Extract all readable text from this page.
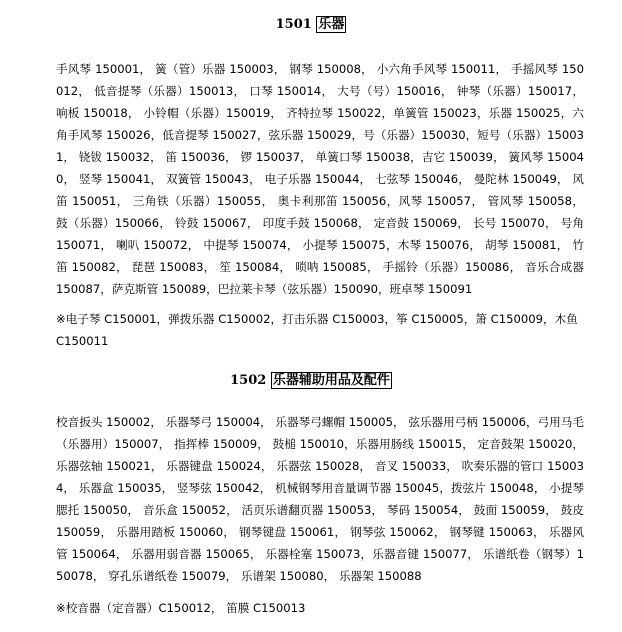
1501 乐器
手风琴 150001， 簧（管）乐器 150003， 钢琴 150008， 小六角手风琴 150011， 手摇风琴 150012， 低音提琴（乐器）150013， 口琴 150014， 大号（号）150016， 钟琴（乐器）150017， 响板 150018， 小铃帽（乐器）150019， 齐特拉琴 150022，单簧管 150023，乐器 150025，六角手风琴 150026，低音提琴 150027，弦乐器 150029，号（乐器）150030，短号（乐器）150031， 铙钹 150032， 笛 150036， 锣 150037， 单簧口琴 150038，吉它 150039， 簧风琴 150040， 竖琴 150041， 双簧管 150043， 电子乐器 150044， 七弦琴 150046， 曼陀林 150049， 风笛 150051， 三角铁（乐器）150055， 奥卡利那笛 150056，风琴 150057， 管风琴 150058， 鼓（乐器）150066， 铃鼓 150067， 印度手鼓 150068， 定音鼓 150069， 长号 150070， 号角 150071， 喇叭 150072， 中提琴 150074， 小提琴 150075，木琴 150076， 胡琴 150081， 竹笛 150082， 琵琶 150083， 笙 150084， 唢呐 150085， 手摇铃（乐器）150086， 音乐合成器 150087，萨克斯管 150089，巴拉莱卡琴（弦乐器）150090，班卓琴 150091
※电子琴 C150001，弹拨乐器 C150002，打击乐器 C150003，筝 C150005，箫 C150009，木鱼 C150011
1502 乐器辅助用品及配件
校音扳头 150002， 乐器琴弓 150004， 乐器琴弓螺帽 150005， 弦乐器用弓柄 150006，弓用马毛（乐器用）150007， 指挥棒 150009， 鼓槌 150010，乐器用肠线 150015， 定音鼓架 150020， 乐器弦轴 150021， 乐器键盘 150024， 乐器弦 150028， 音叉 150033， 吹奏乐器的管口 150034， 乐器盒 150035， 竖琴弦 150042， 机械钢琴用音量调节器 150045，拨弦片 150048， 小提琴腮托 150050， 音乐盒 150052， 活页乐谱翻页器 150053， 琴码 150054， 鼓面 150059， 鼓皮 150059， 乐器用踏板 150060， 钢琴键盘 150061， 钢琴弦 150062， 钢琴键 150063， 乐器风管 150064， 乐器用弱音器 150065， 乐器栓塞 150073，乐器音键 150077， 乐谱纸卷（钢琴）150078， 穿孔乐谱纸卷 150079， 乐谱架 150080， 乐器架 150088
※校音器（定音器）C150012， 笛膜 C150013
